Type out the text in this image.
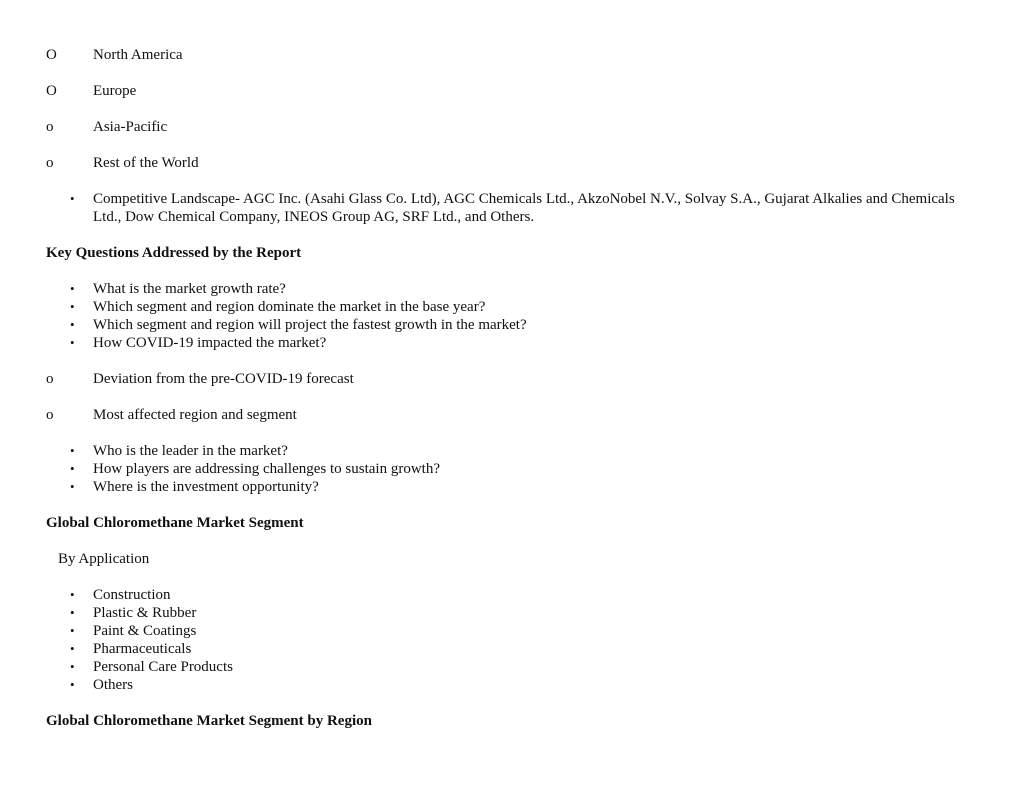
O North America
O Europe
o	Asia-Pacific
o	Rest of the World
• Competitive Landscape- AGC Inc. (Asahi Glass Co. Ltd), AGC Chemicals Ltd., AkzoNobel N.V., Solvay S.A., Gujarat Alkalies and Chemicals Ltd., Dow Chemical Company, INEOS Group AG, SRF Ltd., and Others.
Key Questions Addressed by the Report
• What is the market growth rate?
• Which segment and region dominate the market in the base year?
• Which segment and region will project the fastest growth in the market?
• How COVID-19 impacted the market?
o	Deviation from the pre-COVID-19 forecast
o	Most affected region and segment
• Who is the leader in the market?
• How players are addressing challenges to sustain growth?
• Where is the investment opportunity?
Global Chloromethane Market Segment
By Application
• Construction
• Plastic & Rubber
• Paint & Coatings
• Pharmaceuticals
• Personal Care Products
• Others
Global Chloromethane Market Segment by Region
